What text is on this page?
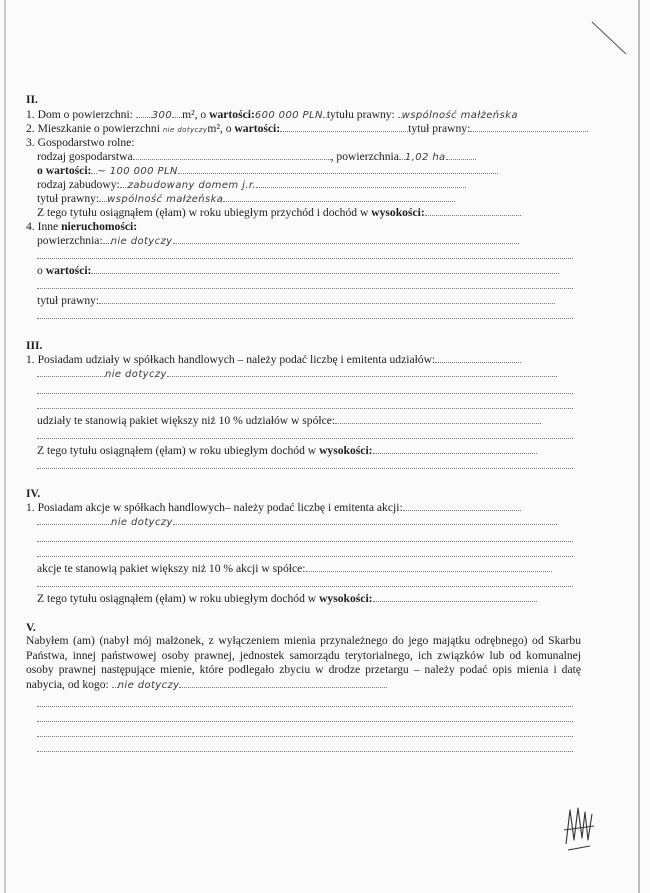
II.
1. Dom o powierzchni: 300 m², o wartości:600 000 PLN tytułu prawny: wspólność małżeńska
2. Mieszkanie o powierzchni nie dotyczym², o wartości:	tytuł prawny:
3. Gospodarstwo rolne:
rodzaj gospodarstwa	, powierzchnia 1,02 ha
o wartości: ~ 100 000 PLN
rodzaj zabudowy: zabudowany domem j.r.
tytuł prawny: wspólność małżeńska
Z tego tytułu osiągnąłem (ęłam) w roku ubiegłym przychód i dochód w wysokości:
4. Inne nieruchomości:
powierzchnia: nie dotyczy
o wartości:
tytuł prawny:
III.
1. Posiadam udziały w spółkach handlowych – należy podać liczbę i emitenta udziałów:
nie dotyczy
udziały te stanowią pakiet większy niż 10 % udziałów w spółce:
Z tego tytułu osiągnąłem (ęłam) w roku ubiegłym dochód w wysokości:
IV.
1. Posiadam akcje w spółkach handlowych– należy podać liczbę i emitenta akcji:
nie dotyczy
akcje te stanowią pakiet większy niż 10 % akcji w spółce:
Z tego tytułu osiągnąłem (ęłam) w roku ubiegłym dochód w wysokości:
V.
Nabyłem (am) (nabył mój małżonek, z wyłączeniem mienia przynależnego do jego majątku odrębnego) od Skarbu Państwa, innej państwowej osoby prawnej, jednostek samorządu terytorialnego, ich związków lub od komunalnej osoby prawnej następujące mienie, które podlegało zbyciu w drodze przetargu – należy podać opis mienia i datę nabycia, od kogo: nie dotyczy
